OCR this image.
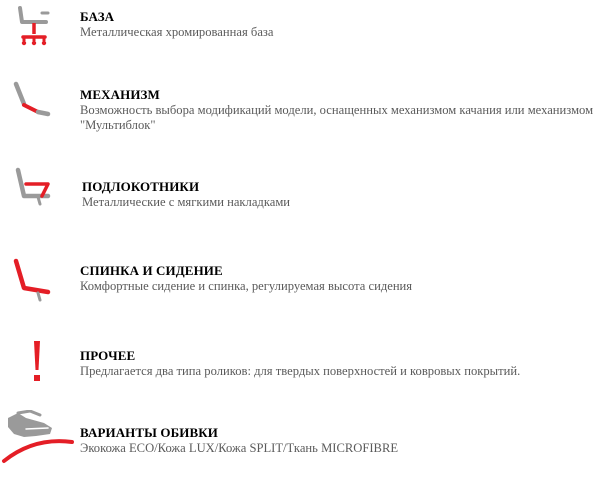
БАЗА
Металлическая хромированная база
МЕХАНИЗМ
Возможность выбора модификаций модели, оснащенных механизмом качания или механизмом "Мультиблок"
ПОДЛОКОТНИКИ
Металлические с мягкими накладками
СПИНКА И СИДЕНИЕ
Комфортные сидение и спинка, регулируемая высота сидения
ПРОЧЕЕ
Предлагается два типа роликов: для твердых поверхностей и ковровых покрытий.
ВАРИАНТЫ ОБИВКИ
Экокожа ECO/Кожа LUX/Кожа SPLIT/Ткань MICROFIBRE
